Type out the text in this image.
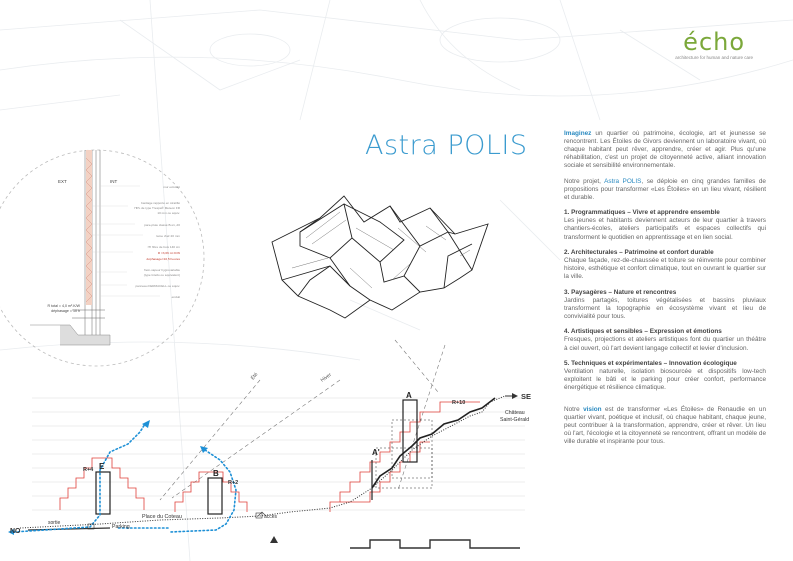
écho
architecture for human and nature care
Astra POLIS	Imaginez un quartier où patrimoine, écologie, art et jeunesse se rencontrent. Les Étoiles de Givors deviennent un laboratoire vivant, où chaque habitant peut rêver, apprendre, créer et agir. Plus qu'une réhabilitation, c'est un projet de citoyenneté active, alliant innovation sociale et sensibilité environnementale.

Notre projet, Astra POLIS, se déploie en cinq grandes familles de propositions pour transformer «Les Étoiles» en un lieu vivant, résilient et durable.

1. Programmatiques – Vivre et apprendre ensemble
Les jeunes et habitants deviennent acteurs de leur quartier à travers chantiers-écoles, ateliers participatifs et espaces collectifs qui transforment le quotidien en apprentissage et en lien social.

2. Architecturales – Patrimoine et confort durable
Chaque façade, rez-de-chaussée et toiture se réinvente pour combiner histoire, esthétique et confort climatique, tout en ouvrant le quartier sur la ville.

3. Paysagères – Nature et rencontres
Jardins partagés, toitures végétalisées et bassins pluviaux transforment la topographie en écosystème vivant et lieu de convivialité pour tous.

4. Artistiques et sensibles – Expression et émotions
Fresques, projections et ateliers artistiques font du quartier un théâtre à ciel ouvert, où l'art devient langage collectif et levier d'inclusion.

5. Techniques et expérimentales – Innovation écologique
Ventilation naturelle, isolation biosourcée et dispositifs low-tech exploitent le bâti et le parking pour créer confort, performance énergétique et résilience climatique.

Notre vision est de transformer «Les Étoiles» de Renaudie en un quartier vivant, poétique et inclusif, où chaque habitant, chaque jeune, peut contribuer à la transformation, apprendre, créer et rêver. Un lieu où l'art, l'écologie et la citoyenneté se rencontrent, offrant un modèle de ville durable et inspirante pour tous.

EXT	INT
mur existant
bardage rapporté en stratifié
HPL de type Trespa® Meteon FR
10 mm ou équiv.
pare-pluie classé B-s1, d0
lame d'air 20 mm
ITI fibre de bois 140 cm
R =3,66 m².K/W
déphasage=10,5 heures
frein-vapeur hygrovariable
(type Intello ou équivalent)
panneau FERMACELL ou équiv.
enduit
R total = 4,0 m².K/W
déphasage = 10 h
Été	Hiver
SE
NO
Château
Saint-Gérald
R+10
R+4
R+2
A
A'
B
E
Place du Coteau
Parking
sortie
accès
